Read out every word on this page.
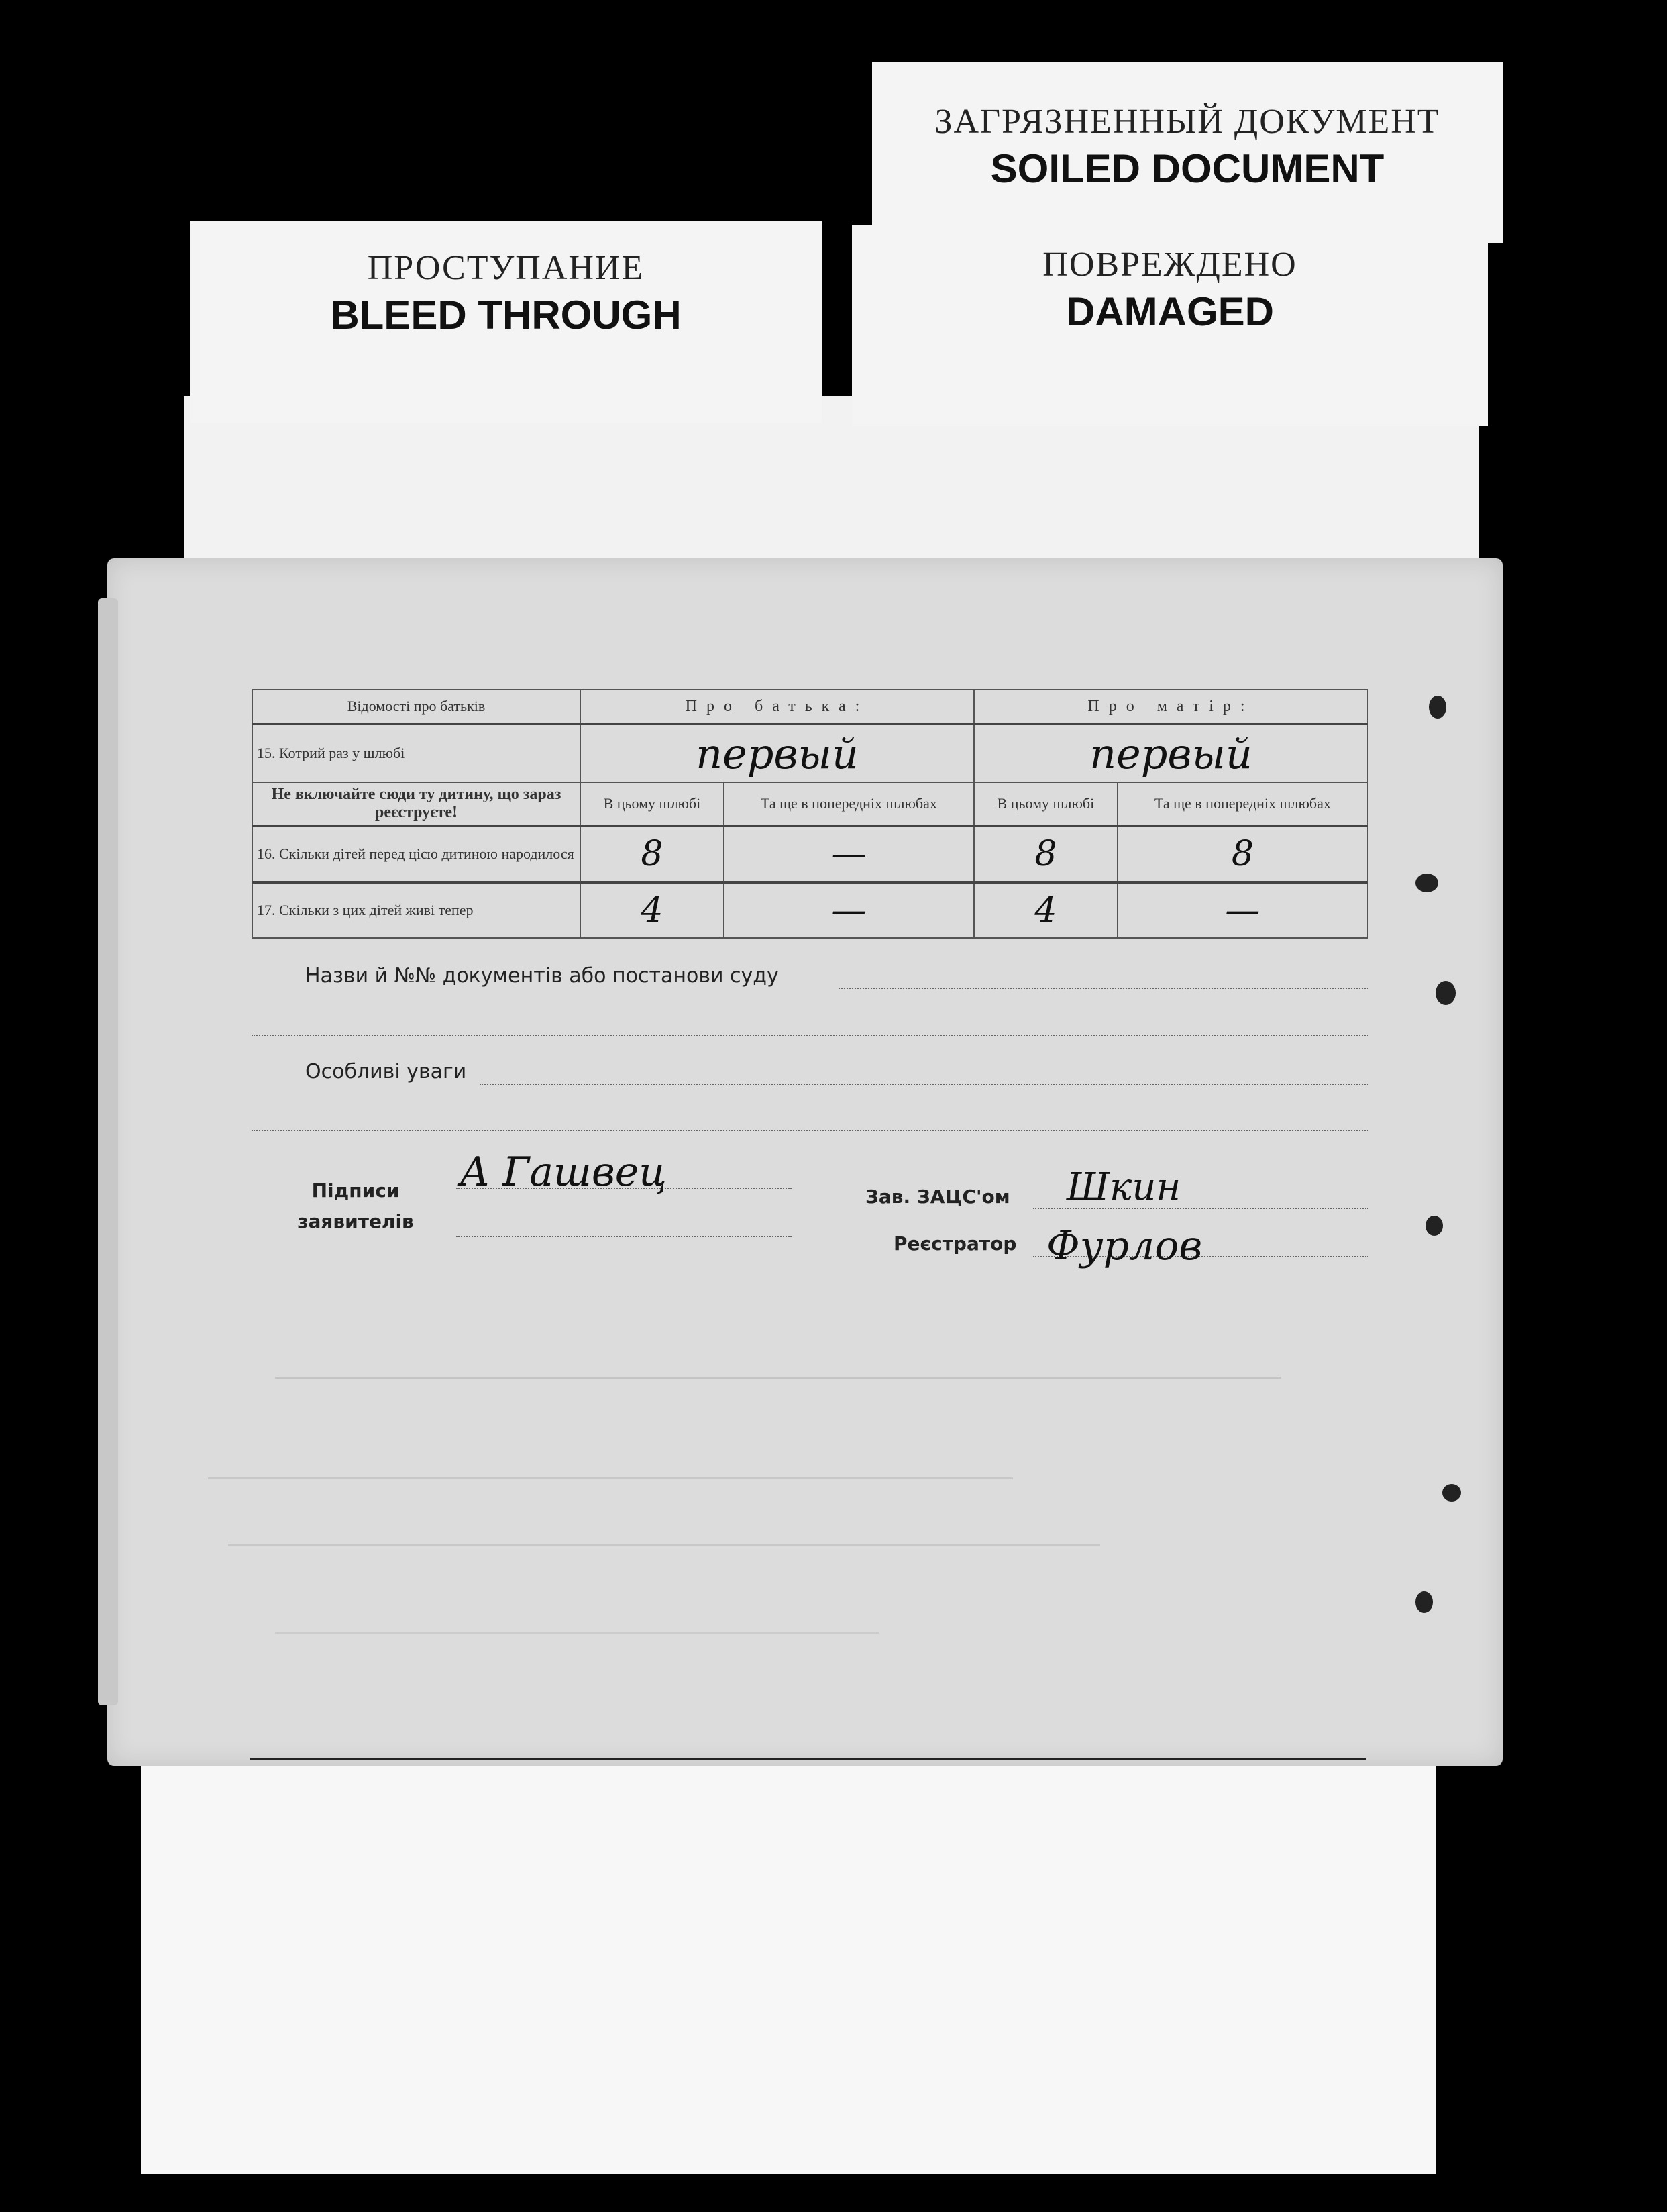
ЗАГРЯЗНЕННЫЙ ДОКУМЕНТ
SOILED DOCUMENT
ПРОСТУПАНИЕ
BLEED THROUGH
ПОВРЕЖДЕНО
DAMAGED
Відомості про батьків	Про батька:		Про матір:	
15. Котрий раз у шлюбі	первый		первый	
Не включайте сюди ту дитину, що зараз реєструєте!	В цьому шлюбі	Та ще в попередніх шлюбах	В цьому шлюбі	Та ще в попередніх шлюбах
16. Скільки дітей перед цією дитиною народилося	8	—	8	8
17. Скільки з цих дітей живі тепер	4	—	4	—
Назви й №№ документів або постанови суду
Особливі уваги
Підписи заявителів
А Гашвец
Зав. ЗАЦС'ом Шкин
Реєстратор Фурлов
